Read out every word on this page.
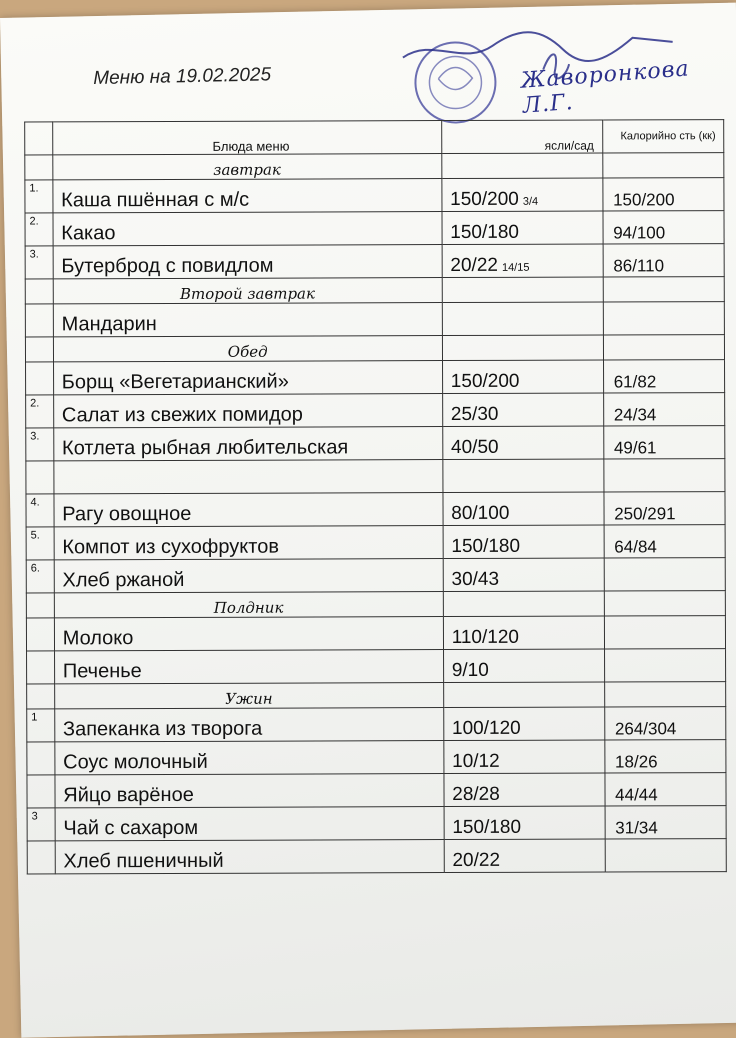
Меню на 19.02.2025	Жаворонкова Л.Г.
	Блюда меню	ясли/сад	Калорийно сть (кк)
	завтрак		
1.	Каша пшённая с м/с	150/200 3/4	150/200
2.	Какао	150/180	94/100
3.	Бутерброд с повидлом	20/22 14/15	86/110
	Второй завтрак		
	Мандарин		
	Обед		
	Борщ «Вегетарианский»	150/200	61/82
2.	Салат из свежих помидор	25/30	24/34
3.	Котлета рыбная любительская	40/50	49/61

4.	Рагу овощное	80/100	250/291
5.	Компот из сухофруктов	150/180	64/84
6.	Хлеб ржаной	30/43	
	Полдник		
	Молоко	110/120	
	Печенье	9/10	
	Ужин		
1	Запеканка из творога	100/120	264/304
	Соус молочный	10/12	18/26
	Яйцо варёное	28/28	44/44
3	Чай с сахаром	150/180	31/34
	Хлеб пшеничный	20/22	
